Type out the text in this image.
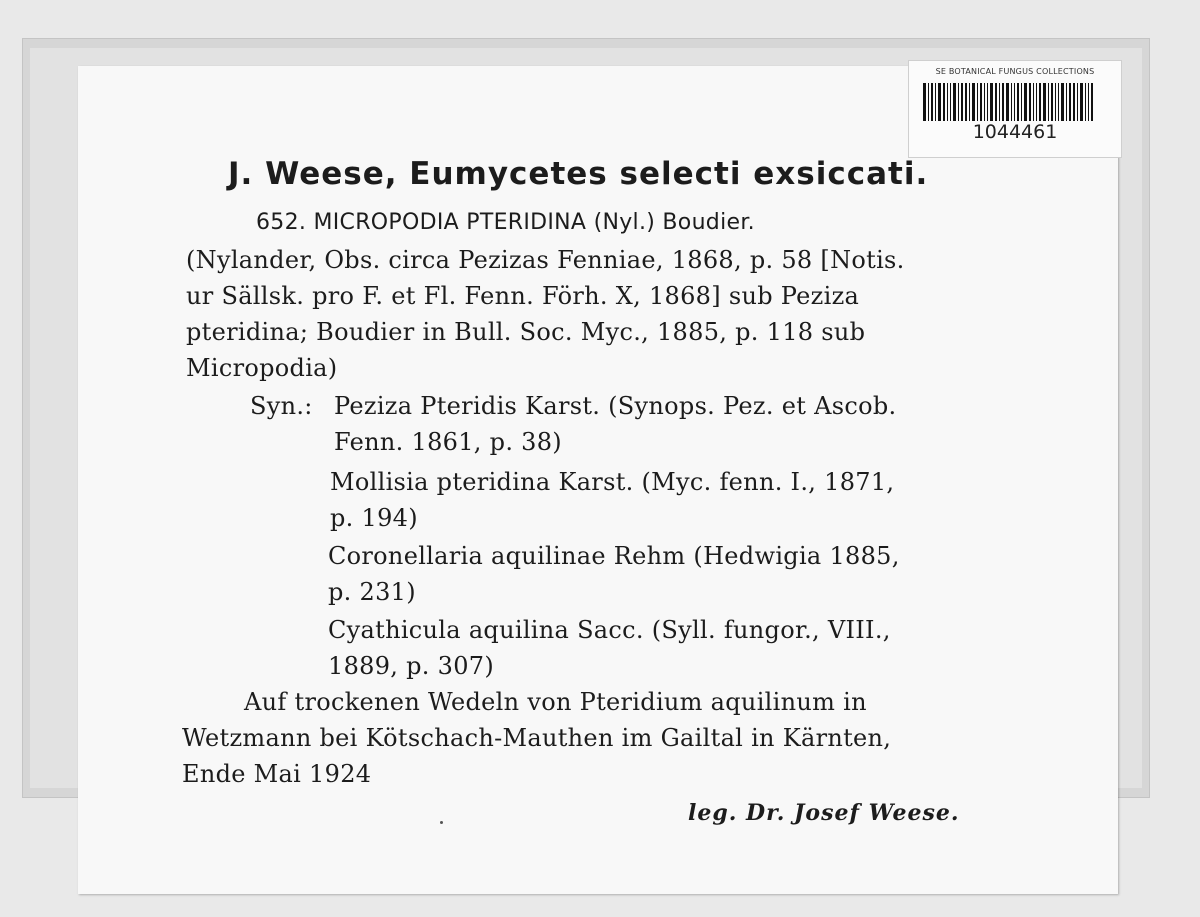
SE BOTANICAL FUNGUS COLLECTIONS
1044461
J. Weese, Eumycetes selecti exsiccati.
652. MICROPODIA PTERIDINA (Nyl.) Boudier.
(Nylander, Obs. circa Pezizas Fenniae, 1868, p. 58 [Notis.
ur Sällsk. pro F. et Fl. Fenn. Förh. X, 1868] sub Peziza
pteridina; Boudier in Bull. Soc. Myc., 1885, p. 118 sub
Micropodia)
Syn.: Peziza Pteridis Karst. (Synops. Pez. et Ascob.
Fenn. 1861, p. 38)
Mollisia pteridina Karst. (Myc. fenn. I., 1871,
p. 194)
Coronellaria aquilinae Rehm (Hedwigia 1885,
p. 231)
Cyathicula aquilina Sacc. (Syll. fungor., VIII.,
1889, p. 307)
Auf trockenen Wedeln von Pteridium aquilinum in
Wetzmann bei Kötschach-Mauthen im Gailtal in Kärnten,
Ende Mai 1924
leg. Dr. Josef Weese.
